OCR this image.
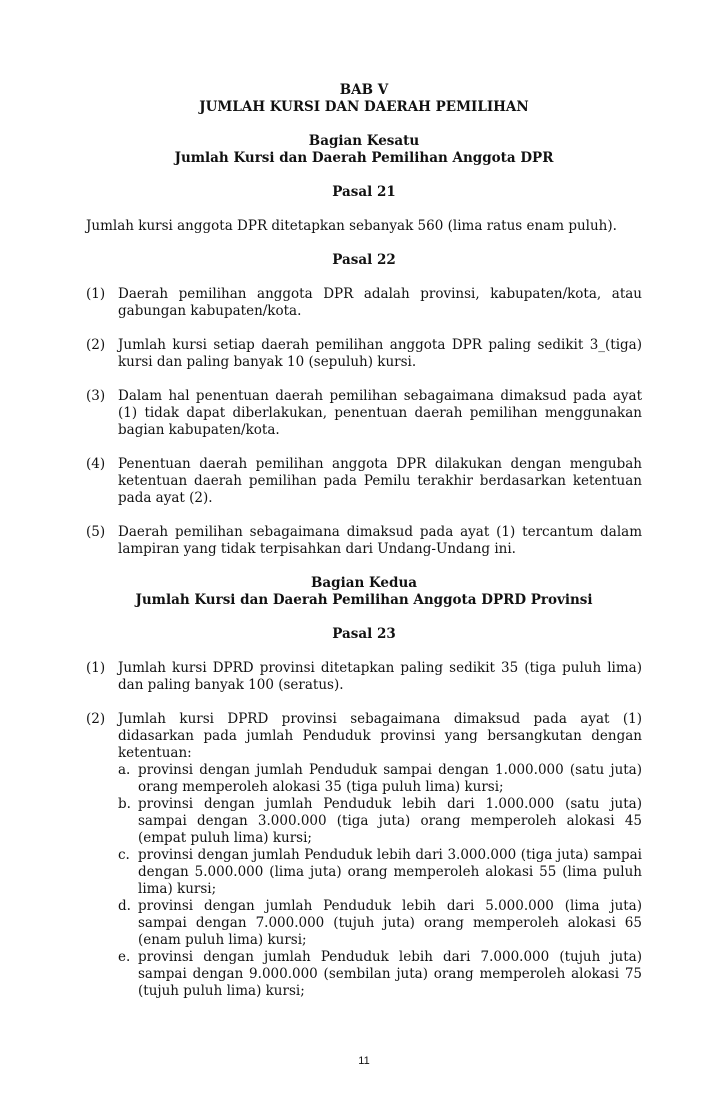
BAB V
JUMLAH KURSI DAN DAERAH PEMILIHAN
Bagian Kesatu
Jumlah Kursi dan Daerah Pemilihan Anggota DPR
Pasal 21
Jumlah kursi anggota DPR ditetapkan sebanyak 560 (lima ratus enam puluh).
Pasal 22
(1) Daerah pemilihan anggota DPR adalah provinsi, kabupaten/kota, atau gabungan kabupaten/kota.
(2) Jumlah kursi setiap daerah pemilihan anggota DPR paling sedikit 3_(tiga) kursi dan paling banyak 10 (sepuluh) kursi.
(3) Dalam hal penentuan daerah pemilihan sebagaimana dimaksud pada ayat (1) tidak dapat diberlakukan, penentuan daerah pemilihan menggunakan bagian kabupaten/kota.
(4) Penentuan daerah pemilihan anggota DPR dilakukan dengan mengubah ketentuan daerah pemilihan pada Pemilu terakhir berdasarkan ketentuan pada ayat (2).
(5) Daerah pemilihan sebagaimana dimaksud pada ayat (1) tercantum dalam lampiran yang tidak terpisahkan dari Undang-Undang ini.
Bagian Kedua
Jumlah Kursi dan Daerah Pemilihan Anggota DPRD Provinsi
Pasal 23
(1) Jumlah kursi DPRD provinsi ditetapkan paling sedikit 35 (tiga puluh lima) dan paling banyak 100 (seratus).
(2) Jumlah kursi DPRD provinsi sebagaimana dimaksud pada ayat (1) didasarkan pada jumlah Penduduk provinsi yang bersangkutan dengan ketentuan:
a. provinsi dengan jumlah Penduduk sampai dengan 1.000.000 (satu juta) orang memperoleh alokasi 35 (tiga puluh lima) kursi;
b. provinsi dengan jumlah Penduduk lebih dari 1.000.000 (satu juta) sampai dengan 3.000.000 (tiga juta) orang memperoleh alokasi 45 (empat puluh lima) kursi;
c. provinsi dengan jumlah Penduduk lebih dari 3.000.000 (tiga juta) sampai dengan 5.000.000 (lima juta) orang memperoleh alokasi 55 (lima puluh lima) kursi;
d. provinsi dengan jumlah Penduduk lebih dari 5.000.000 (lima juta) sampai dengan 7.000.000 (tujuh juta) orang memperoleh alokasi 65 (enam puluh lima) kursi;
e. provinsi dengan jumlah Penduduk lebih dari 7.000.000 (tujuh juta) sampai dengan 9.000.000 (sembilan juta) orang memperoleh alokasi 75 (tujuh puluh lima) kursi;
11
